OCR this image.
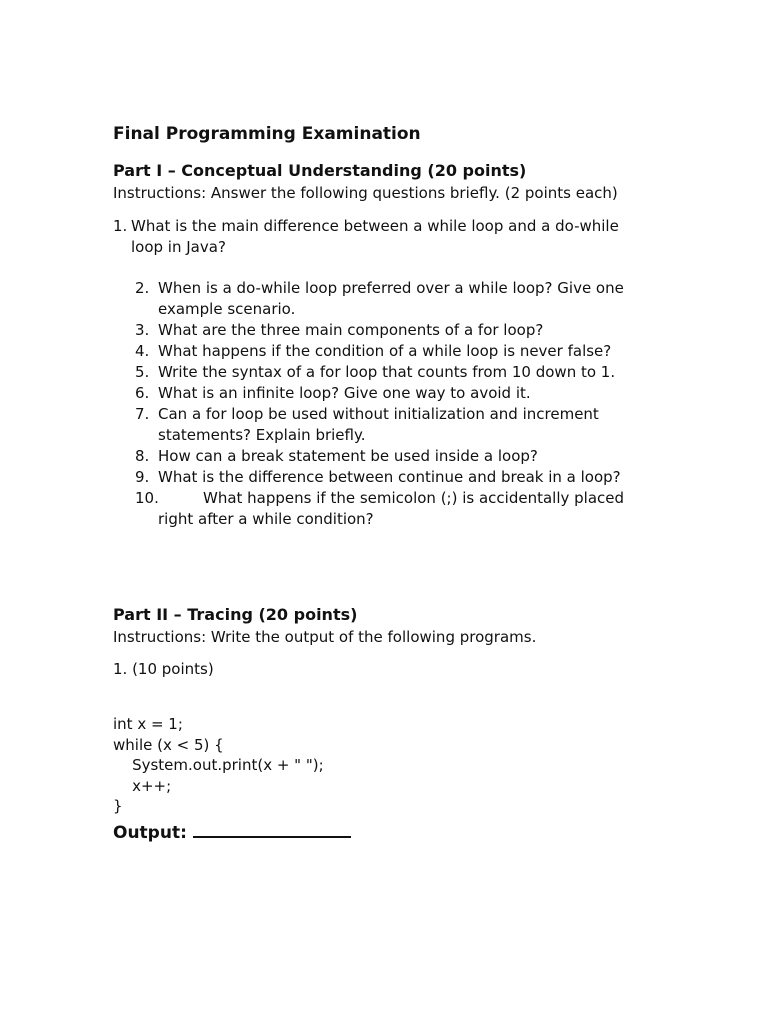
Final Programming Examination
Part I – Conceptual Understanding (20 points)
Instructions: Answer the following questions briefly. (2 points each)
1. What is the main difference between a while loop and a do-while loop in Java?
2. When is a do-while loop preferred over a while loop? Give one example scenario.
3. What are the three main components of a for loop?
4. What happens if the condition of a while loop is never false?
5. Write the syntax of a for loop that counts from 10 down to 1.
6. What is an infinite loop? Give one way to avoid it.
7. Can a for loop be used without initialization and increment statements? Explain briefly.
8. How can a break statement be used inside a loop?
9. What is the difference between continue and break in a loop?
10.	What happens if the semicolon (;) is accidentally placed right after a while condition?
Part II – Tracing (20 points)
Instructions: Write the output of the following programs.
1. (10 points)
int x = 1;
while (x < 5) {
System.out.print(x + " ");
x++;
}
Output:
